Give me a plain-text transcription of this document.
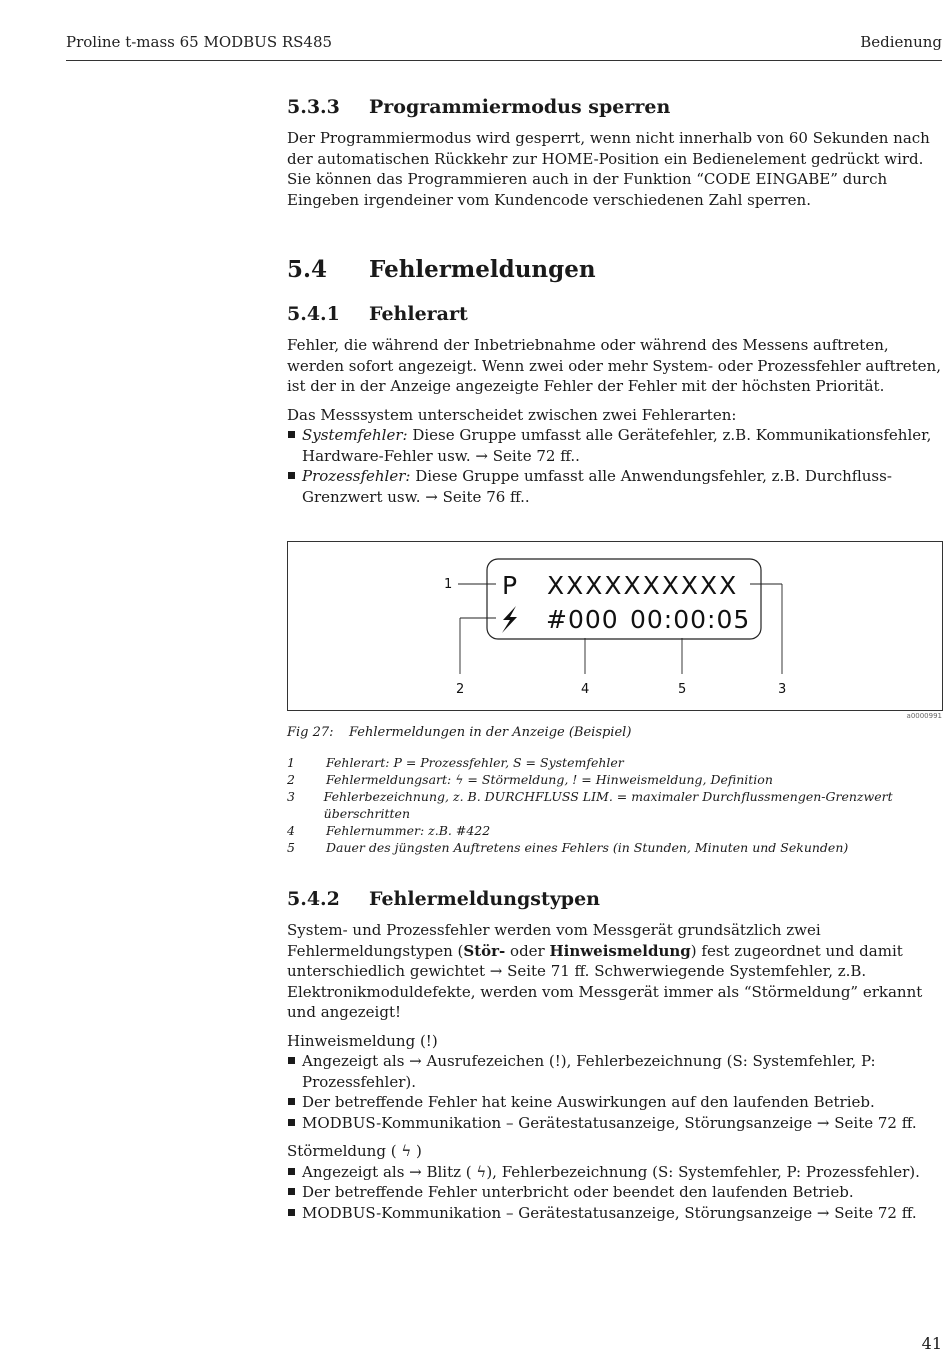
Proline t-mass 65 MODBUS RS485	Bedienung
5.3.3	Programmiermodus sperren

Der Programmiermodus wird gesperrt, wenn nicht innerhalb von 60 Sekunden nach der automatischen Rückkehr zur HOME-Position ein Bedienelement gedrückt wird.

Sie können das Programmieren auch in der Funktion “CODE EINGABE” durch Eingeben irgendeiner vom Kundencode verschiedenen Zahl sperren.

5.4	Fehlermeldungen
5.4.1	Fehlerart

Fehler, die während der Inbetriebnahme oder während des Messens auftreten, werden sofort angezeigt. Wenn zwei oder mehr System- oder Prozessfehler auftreten, ist der in der Anzeige angezeigte Fehler der Fehler mit der höchsten Priorität.

Das Messsystem unterscheidet zwischen zwei Fehlerarten:

Systemfehler: Diese Gruppe umfasst alle Gerätefehler, z.B. Kommunikationsfehler, Hardware-Fehler usw. → Seite 72 ff..
Prozessfehler: Diese Gruppe umfasst alle Anwendungsfehler, z.B. Durchfluss-Grenzwert usw. → Seite 76 ff..
P XXXXXXXXXX
#000 00:00:05
1
2	4	5	3
a0000991
Fig 27:	Fehlermeldungen in der Anzeige (Beispiel)
1	Fehlerart: P = Prozessfehler, S = Systemfehler
2	Fehlermeldungsart: ϟ = Störmeldung, ! = Hinweismeldung, Definition
3	Fehlerbezeichnung, z. B. DURCHFLUSS LIM. = maximaler Durchflussmengen-Grenzwert überschritten
4	Fehlernummer: z.B. #422
5	Dauer des jüngsten Auftretens eines Fehlers (in Stunden, Minuten und Sekunden)
5.4.2	Fehlermeldungstypen

System- und Prozessfehler werden vom Messgerät grundsätzlich zwei Fehlermeldungstypen (Stör- oder Hinweismeldung) fest zugeordnet und damit unterschiedlich gewichtet → Seite 71 ff. Schwerwiegende Systemfehler, z.B. Elektronikmoduldefekte, werden vom Messgerät immer als “Störmeldung” erkannt und angezeigt!

Hinweismeldung (!)

Angezeigt als → Ausrufezeichen (!), Fehlerbezeichnung (S: Systemfehler, P: Prozessfehler).
Der betreffende Fehler hat keine Auswirkungen auf den laufenden Betrieb.
MODBUS-Kommunikation – Gerätestatusanzeige, Störungsanzeige → Seite 72 ff.

Störmeldung ( ϟ )

Angezeigt als → Blitz ( ϟ), Fehlerbezeichnung (S: Systemfehler, P: Prozessfehler).
Der betreffende Fehler unterbricht oder beendet den laufenden Betrieb.
MODBUS-Kommunikation – Gerätestatusanzeige, Störungsanzeige → Seite 72 ff.
41
